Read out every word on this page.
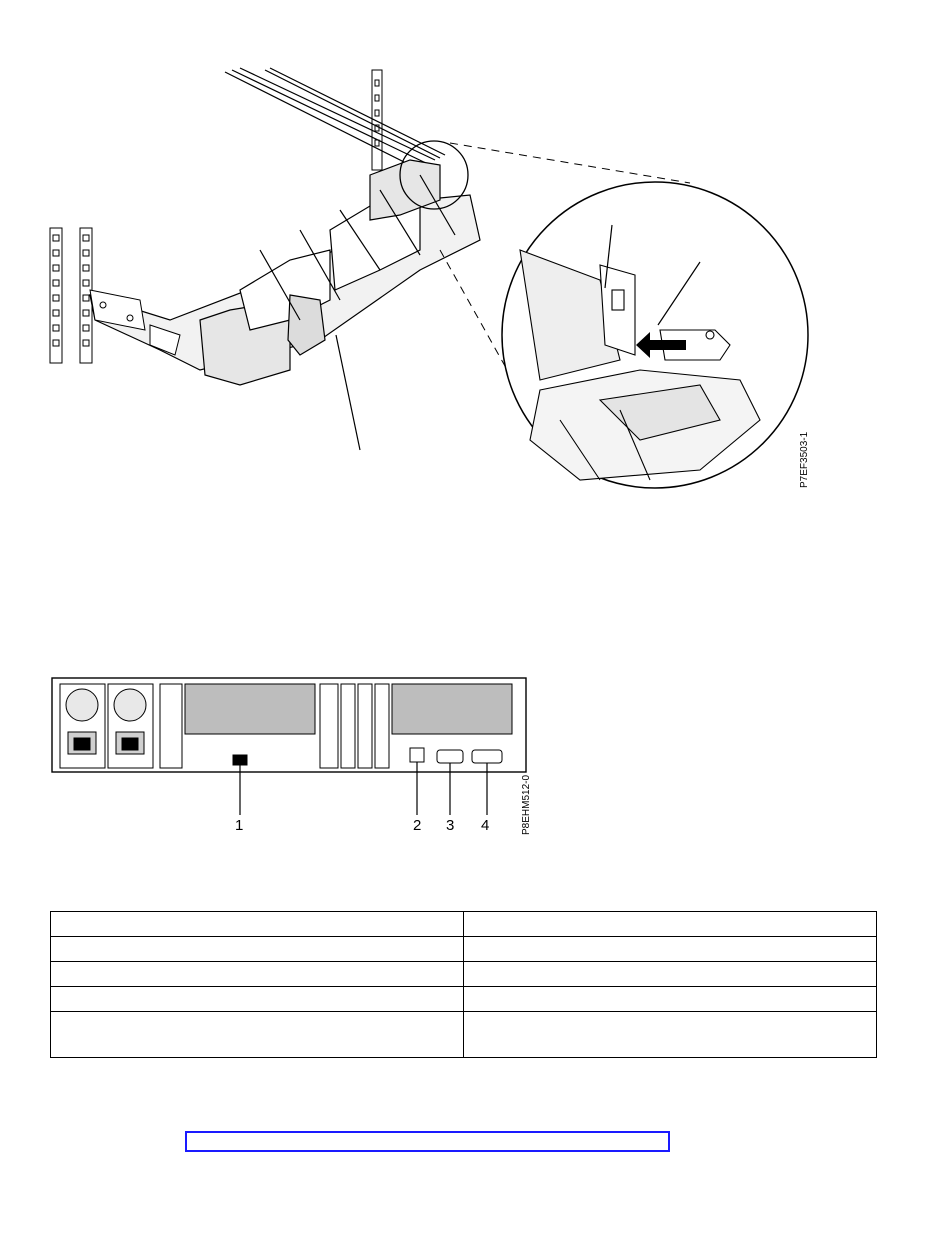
P7EF3503-1
1	2 3 4	P8EHM512-0
